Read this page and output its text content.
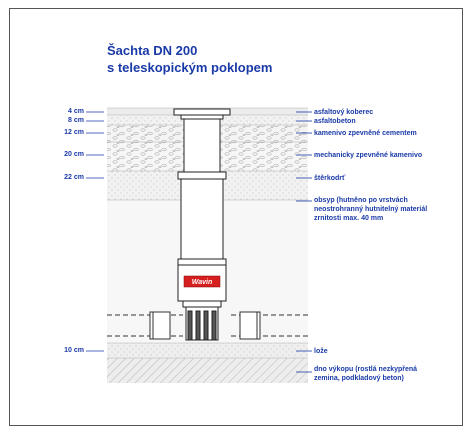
Šachta DN 200
s teleskopickým poklopem
Wavin
4 cm
8 cm
12 cm
20 cm
22 cm
10 cm
asfaltový koberec
asfaltobeton
kamenivo zpevněné cementem
mechanicky zpevněné kamenivo
štěrkodrť
obsyp (hutněno po vrstvách neostrohranný hutnitelný materiál zrnitosti max. 40 mm
lože
dno výkopu (rostlá nezkypřená zemina, podkladový beton)
